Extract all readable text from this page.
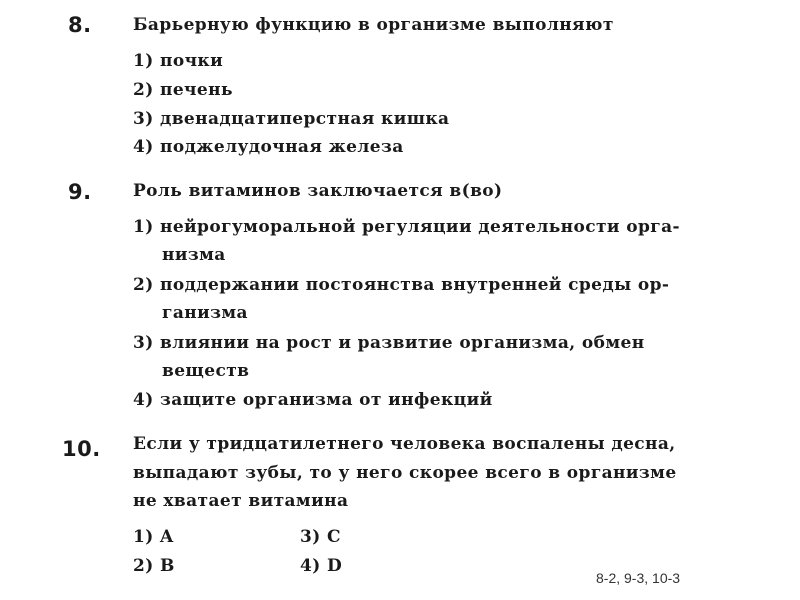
8. Барьерную функцию в организме выполняют
1) почки
2) печень
3) двенадцатиперстная кишка
4) поджелудочная железа
9. Роль витаминов заключается в(во)
1) нейрогуморальной регуляции деятельности орга-
низма
2) поддержании постоянства внутренней среды ор-
ганизма
3) влиянии на рост и развитие организма, обмен
веществ
4) защите организма от инфекций
10. Если у тридцатилетнего человека воспалены десна,
выпадают зубы, то у него скорее всего в организме
не хватает витамина
1) A
2) B
3) C
4) D
8-2, 9-3, 10-3
